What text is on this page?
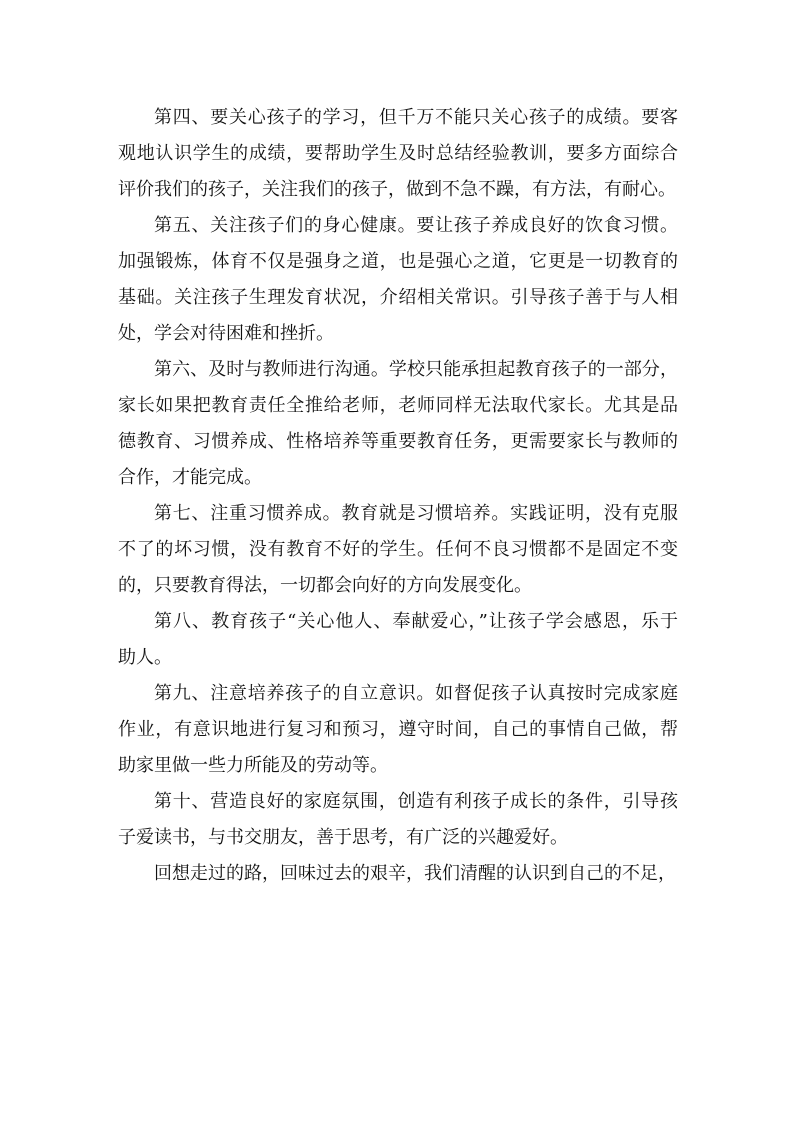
第四、要关心孩子的学习，但千万不能只关心孩子的成绩。要客
观地认识学生的成绩，要帮助学生及时总结经验教训，要多方面综合
评价我们的孩子，关注我们的孩子，做到不急不躁，有方法，有耐心。
第五、关注孩子们的身心健康。要让孩子养成良好的饮食习惯。
加强锻炼，体育不仅是强身之道，也是强心之道，它更是一切教育的
基础。关注孩子生理发育状况，介绍相关常识。引导孩子善于与人相
处，学会对待困难和挫折。
第六、及时与教师进行沟通。学校只能承担起教育孩子的一部分，
家长如果把教育责任全推给老师，老师同样无法取代家长。尤其是品
德教育、习惯养成、性格培养等重要教育任务，更需要家长与教师的
合作，才能完成。
第七、注重习惯养成。教育就是习惯培养。实践证明，没有克服
不了的坏习惯，没有教育不好的学生。任何不良习惯都不是固定不变
的，只要教育得法，一切都会向好的方向发展变化。
第八、教育孩子“关心他人、奉献爱心，”让孩子学会感恩，乐于
助人。
第九、注意培养孩子的自立意识。如督促孩子认真按时完成家庭
作业，有意识地进行复习和预习，遵守时间，自己的事情自己做，帮
助家里做一些力所能及的劳动等。
第十、营造良好的家庭氛围，创造有利孩子成长的条件，引导孩
子爱读书，与书交朋友，善于思考，有广泛的兴趣爱好。
回想走过的路，回味过去的艰辛，我们清醒的认识到自己的不足，
